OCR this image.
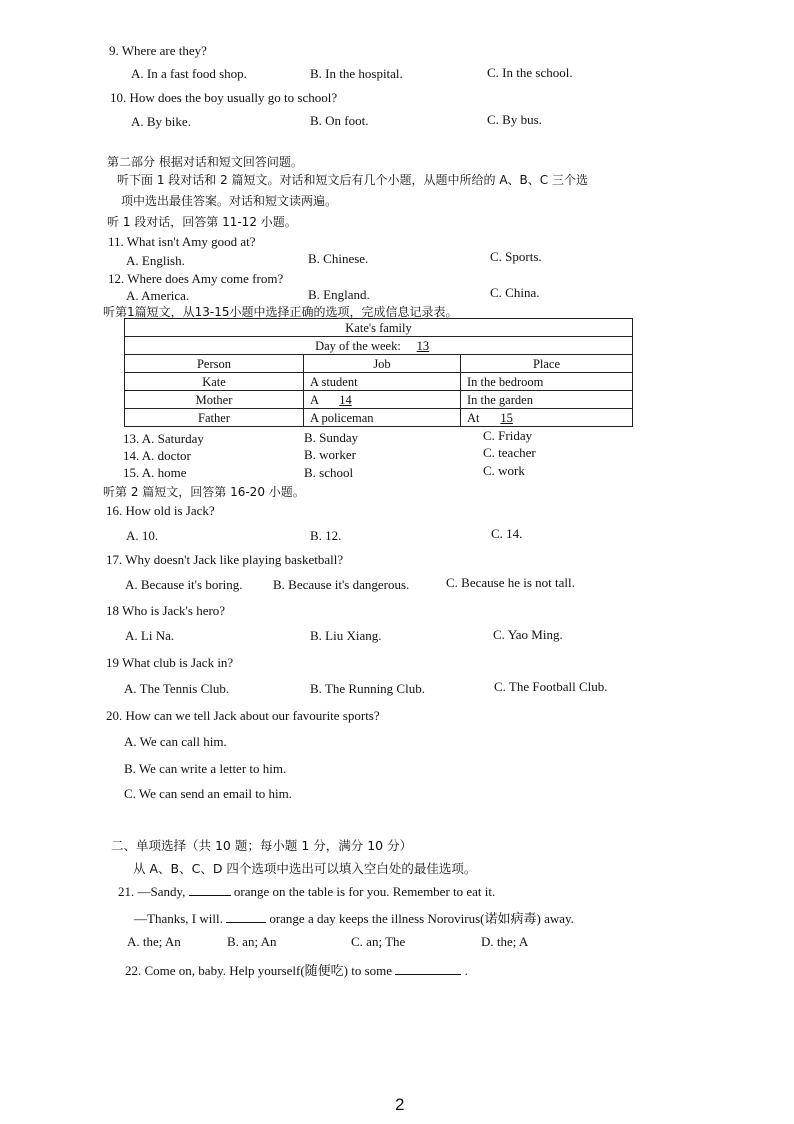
9. Where are they?
A. In a fast food shop.	B. In the hospital.	C. In the school.
10. How does the boy usually go to school?
A. By bike.	B. On foot.	C. By bus.
第二部分 根据对话和短文回答问题。
听下面 1 段对话和 2 篇短文。对话和短文后有几个小题，从题中所给的 A、B、C 三个选
项中选出最佳答案。对话和短文读两遍。
听 1 段对话，回答第 11-12 小题。
11. What isn't Amy good at?
A. English.	B. Chinese.	C. Sports.
12. Where does Amy come from?
A. America.	B. England.	C. China.
听第1篇短文，从13-15小题中选择正确的选项，完成信息记录表。
Kate's family		
Day of the week: 13		
Person	Job	Place
Kate	A student	In the bedroom
Mother	A 14	In the garden
Father	A policeman	At 15
13. A. Saturday	B. Sunday	C. Friday
14. A. doctor	B. worker	C. teacher
15. A. home	B. school	C. work
听第 2 篇短文，回答第 16-20 小题。
16. How old is Jack?
A. 10.	B. 12.	C. 14.
17. Why doesn't Jack like playing basketball?
A. Because it's boring. B. Because it's dangerous.	C. Because he is not tall.
18 Who is Jack's hero?
A. Li Na.	B. Liu Xiang.	C. Yao Ming.
19 What club is Jack in?
A. The Tennis Club.	B. The Running Club.	C. The Football Club.
20. How can we tell Jack about our favourite sports?
A. We can call him.
B. We can write a letter to him.
C. We can send an email to him.
二、单项选择（共 10 题；每小题 1 分，满分 10 分）
从 A、B、C、D 四个选项中选出可以填入空白处的最佳选项。
21. —Sandy,	orange on the table is for you. Remember to eat it.
—Thanks, I will.	orange a day keeps the illness Norovirus(诺如病毒) away.
A. the; An	B. an; An	C. an; The	D. the; A
22. Come on, baby. Help yourself(随便吃) to some	.
2
